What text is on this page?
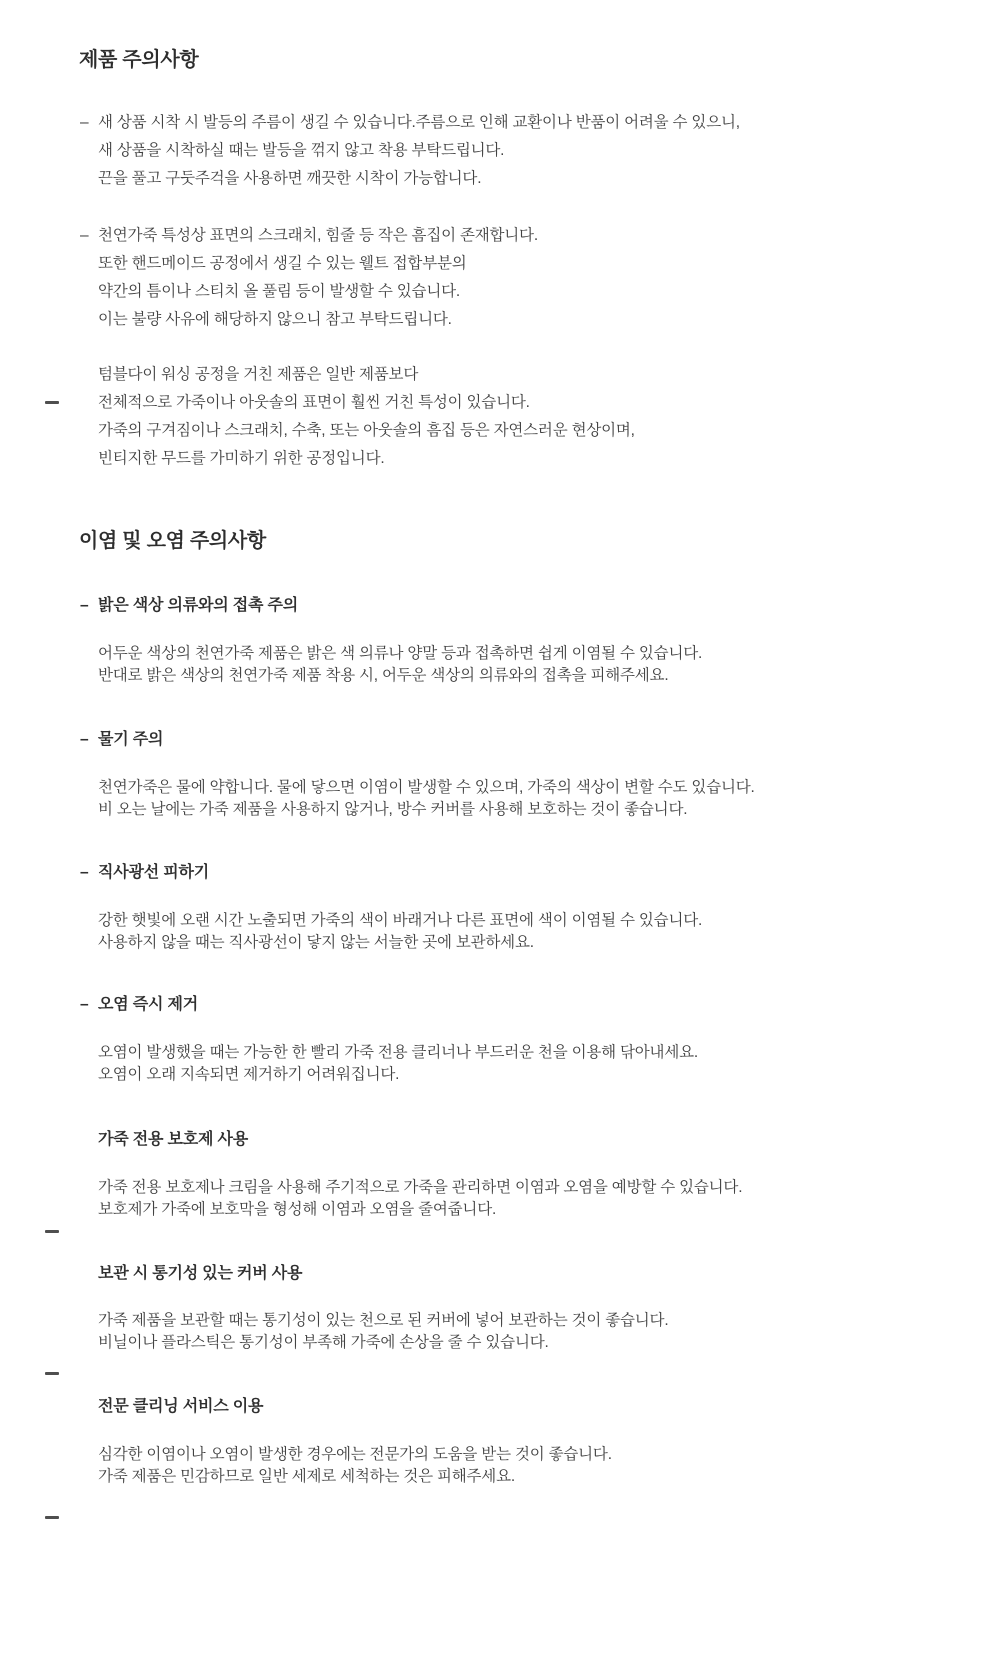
제품 주의사항
– 새 상품 시착 시 발등의 주름이 생길 수 있습니다.주름으로 인해 교환이나 반품이 어려울 수 있으니,
새 상품을 시착하실 때는 발등을 꺾지 않고 착용 부탁드립니다.
끈을 풀고 구둣주걱을 사용하면 깨끗한 시착이 가능합니다.
– 천연가죽 특성상 표면의 스크래치, 힘줄 등 작은 흠집이 존재합니다.
또한 핸드메이드 공정에서 생길 수 있는 웰트 접합부분의
약간의 틈이나 스티치 올 풀림 등이 발생할 수 있습니다.
이는 불량 사유에 해당하지 않으니 참고 부탁드립니다.
텀블다이 워싱 공정을 거친 제품은 일반 제품보다
전체적으로 가죽이나 아웃솔의 표면이 훨씬 거친 특성이 있습니다.
가죽의 구겨짐이나 스크래치, 수축, 또는 아웃솔의 흠집 등은 자연스러운 현상이며,
빈티지한 무드를 가미하기 위한 공정입니다.
이염 및 오염 주의사항
– 밝은 색상 의류와의 접촉 주의
어두운 색상의 천연가죽 제품은 밝은 색 의류나 양말 등과 접촉하면 쉽게 이염될 수 있습니다.
반대로 밝은 색상의 천연가죽 제품 착용 시, 어두운 색상의 의류와의 접촉을 피해주세요.
– 물기 주의
천연가죽은 물에 약합니다. 물에 닿으면 이염이 발생할 수 있으며, 가죽의 색상이 변할 수도 있습니다.
비 오는 날에는 가죽 제품을 사용하지 않거나, 방수 커버를 사용해 보호하는 것이 좋습니다.
– 직사광선 피하기
강한 햇빛에 오랜 시간 노출되면 가죽의 색이 바래거나 다른 표면에 색이 이염될 수 있습니다.
사용하지 않을 때는 직사광선이 닿지 않는 서늘한 곳에 보관하세요.
– 오염 즉시 제거
오염이 발생했을 때는 가능한 한 빨리 가죽 전용 클리너나 부드러운 천을 이용해 닦아내세요.
오염이 오래 지속되면 제거하기 어려워집니다.
가죽 전용 보호제 사용
가죽 전용 보호제나 크림을 사용해 주기적으로 가죽을 관리하면 이염과 오염을 예방할 수 있습니다.
보호제가 가죽에 보호막을 형성해 이염과 오염을 줄여줍니다.
보관 시 통기성 있는 커버 사용
가죽 제품을 보관할 때는 통기성이 있는 천으로 된 커버에 넣어 보관하는 것이 좋습니다.
비닐이나 플라스틱은 통기성이 부족해 가죽에 손상을 줄 수 있습니다.
전문 클리닝 서비스 이용
심각한 이염이나 오염이 발생한 경우에는 전문가의 도움을 받는 것이 좋습니다.
가죽 제품은 민감하므로 일반 세제로 세척하는 것은 피해주세요.
